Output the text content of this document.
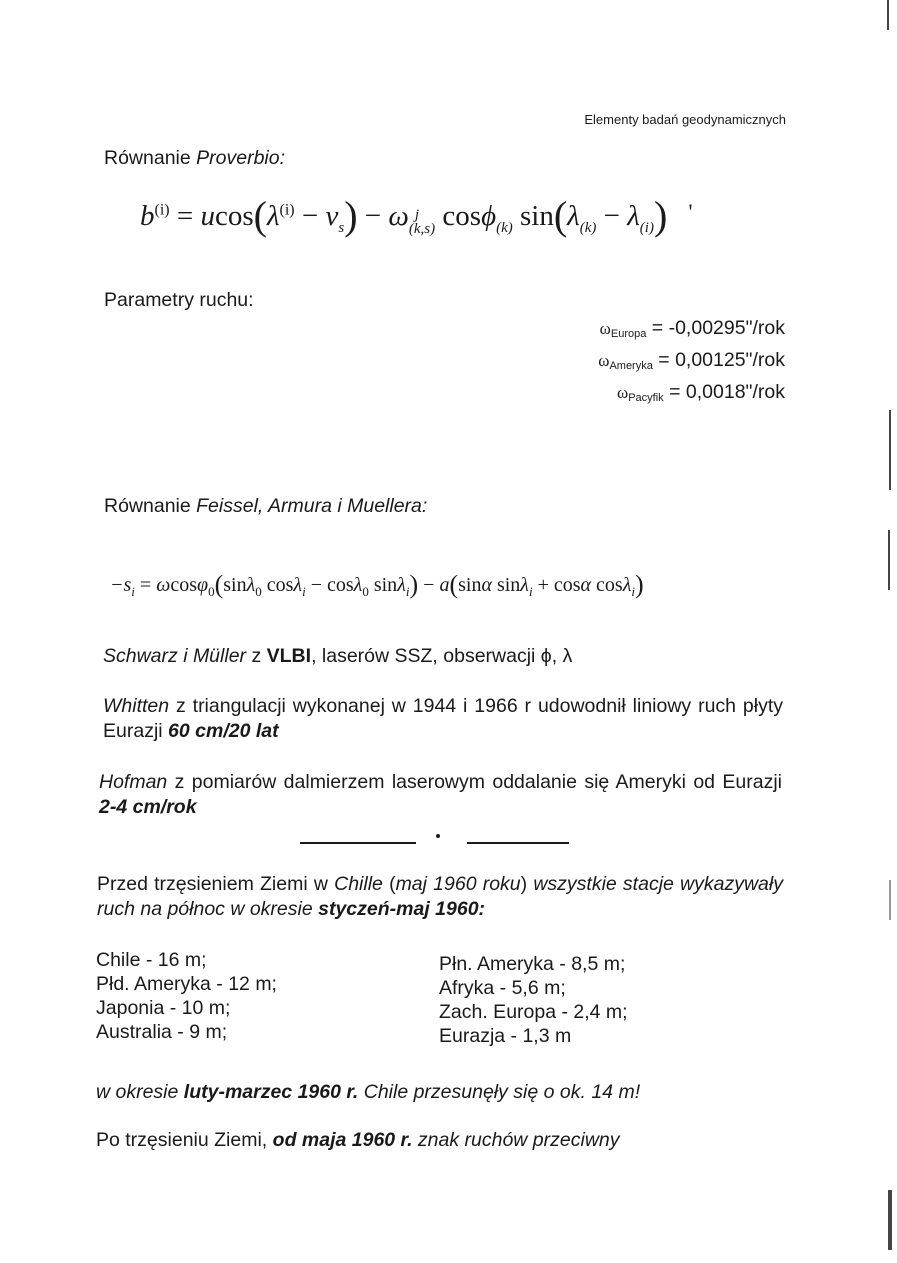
Elementy badań geodynamicznych
Równanie Proverbio:
$b^{(i)} = ucos(\lambda^{(i)} - v_s) - \omega$ j
(k,s) cosϕ$_{(k)}$ $\sin(\lambda_{(k)} - \lambda_{(i)})$ '
Parametry ruchu:
$\omega_{Europa}$ = -0,00295"/rok
$\omega_{Ameryka}$ = 0,00125"/rok
$\omega_{Pacyfik}$ = 0,0018"/rok
Równanie Feissel, Armura i Muellera:
$-s_i = \omega\cos\varphi_0(\sin\lambda_0$ cosλ$_i$ − cosλ$_0$ sinλ$_i$) − a(sinα sinλ$_i$ + cosα cosλ$_i$)
Schwarz i Müller z VLBI, laserów SSZ, obserwacji ϕ, λ
Whitten z triangulacji wykonanej w 1944 i 1966 r udowodnił liniowy ruch płyty Eurazji 60 cm/20 lat
Hofman z pomiarów dalmierzem laserowym oddalanie się Ameryki od Eurazji 2-4 cm/rok
Przed trzęsieniem Ziemi w Chille (maj 1960 roku) wszystkie stacje wykazywały ruch na północ w okresie styczeń-maj 1960:
Chile - 16 m;
Płd. Ameryka - 12 m;
Japonia - 10 m;
Australia - 9 m;
Płn. Ameryka - 8,5 m;
Afryka - 5,6 m;
Zach. Europa - 2,4 m;
Eurazja - 1,3 m
w okresie luty-marzec 1960 r. Chile przesunęły się o ok. 14 m!
Po trzęsieniu Ziemi, od maja 1960 r. znak ruchów przeciwny
